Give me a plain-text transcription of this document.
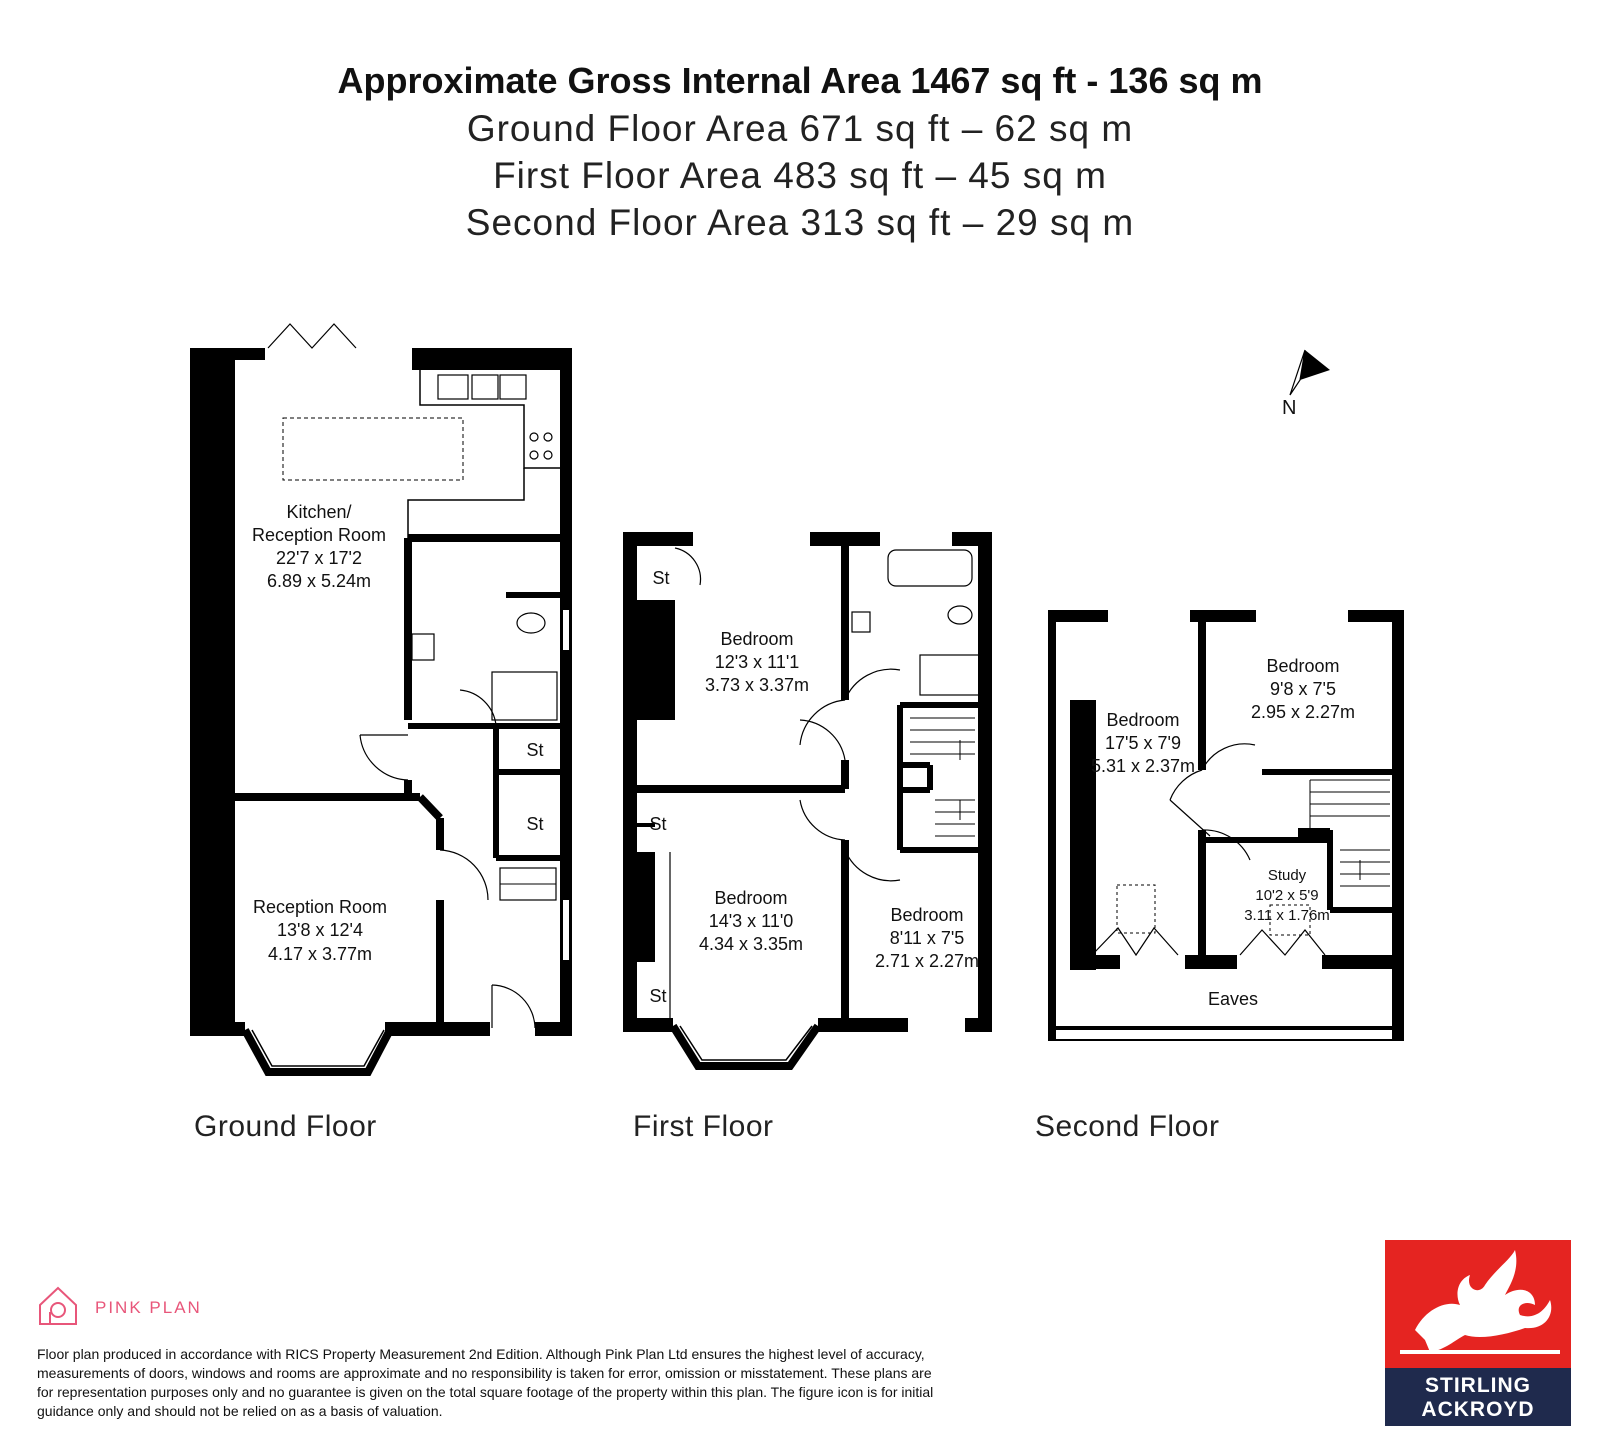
Approximate Gross Internal Area 1467 sq ft - 136 sq m
Ground Floor Area 671 sq ft – 62 sq m
First Floor Area 483 sq ft – 45 sq m
Second Floor Area 313 sq ft – 29 sq m
Kitchen/
Reception Room
22'7 x 17'2
6.89 x 5.24m
Reception Room
13'8 x 12'4
4.17 x 3.77m
St
St
Bedroom
12'3 x 11'1
3.73 x 3.37m
Bedroom
14'3 x 11'0
4.34 x 3.35m
Bedroom
8'11 x 7'5
2.71 x 2.27m
St
St
St
Bedroom
17'5 x 7'9
5.31 x 2.37m
Bedroom
9'8 x 7'5
2.95 x 2.27m
Study
10'2 x 5'9
3.11 x 1.76m
Eaves
N
Ground Floor	First Floor	Second Floor
PINK PLAN
Floor plan produced in accordance with RICS Property Measurement 2nd Edition. Although Pink Plan Ltd ensures the highest level of accuracy, measurements of doors, windows and rooms are approximate and no responsibility is taken for error, omission or misstatement. These plans are for representation purposes only and no guarantee is given on the total square footage of the property within this plan. The figure icon is for initial guidance only and should not be relied on as a basis of valuation.
STIRLING
ACKROYD
